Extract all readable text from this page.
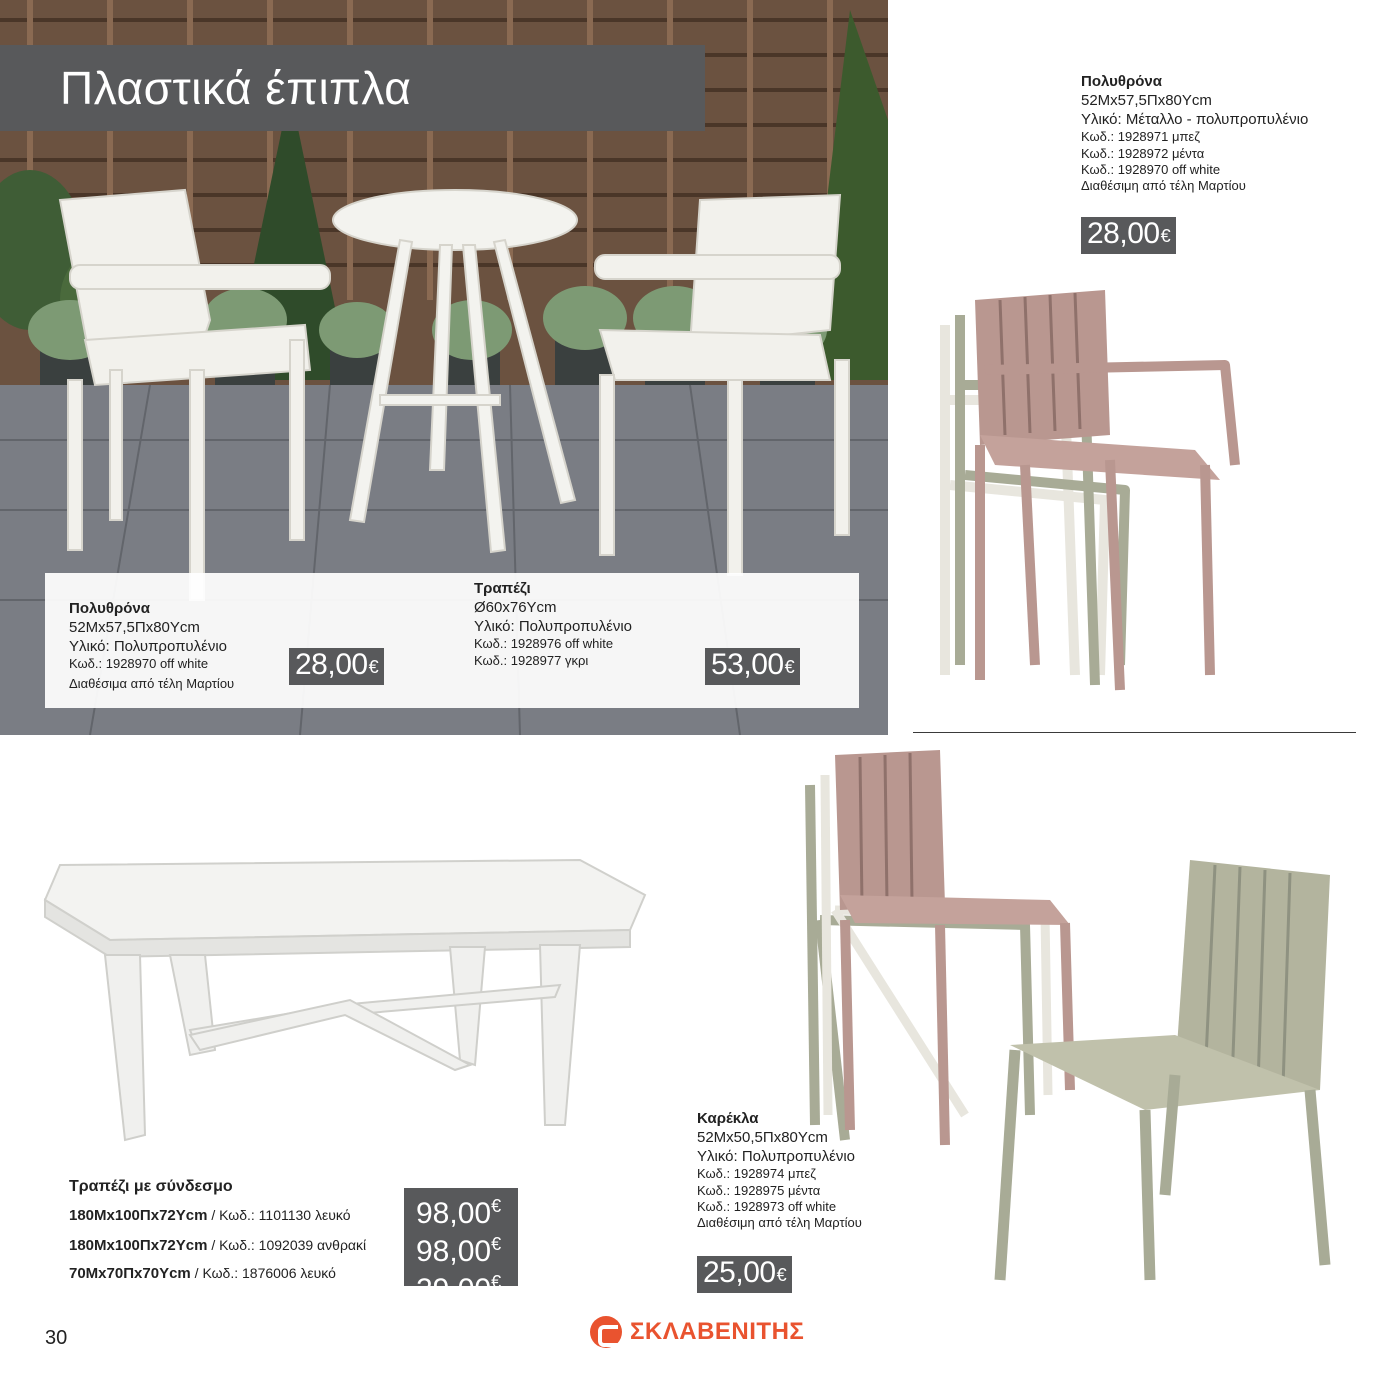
Πλαστικά έπιπλα
Πολυθρόνα
52Mx57,5Πx80Ycm
Υλικό: Πολυπροπυλένιο
Κωδ.: 1928970 off white
Διαθέσιμα από τέλη Μαρτίου
28,00€
Τραπέζι
Ø60x76Ycm
Υλικό: Πολυπροπυλένιο
Κωδ.: 1928976 off white
Κωδ.: 1928977 γκρι	53,00€
Πολυθρόνα
52Mx57,5Πx80Ycm
Υλικό: Μέταλλο - πολυπροπυλένιο
Κωδ.: 1928971 μπεζ
Κωδ.: 1928972 μέντα
Κωδ.: 1928970 off white
Διαθέσιμη από τέλη Μαρτίου
28,00€
Τραπέζι με σύνδεσμο
180Mx100Πx72Ycm / Κωδ.: 1101130 λευκό
180Mx100Πx72Ycm / Κωδ.: 1092039 ανθρακί
70Mx70Πx70Ycm / Κωδ.: 1876006 λευκό
98,00€
98,00€
29,00€
Καρέκλα
52Mx50,5Πx80Ycm
Υλικό: Πολυπροπυλένιο
Κωδ.: 1928974 μπεζ
Κωδ.: 1928975 μέντα
Κωδ.: 1928973 off white
Διαθέσιμη από τέλη Μαρτίου
25,00€
30	ΣΚΛΑΒΕΝΙΤΗΣ
